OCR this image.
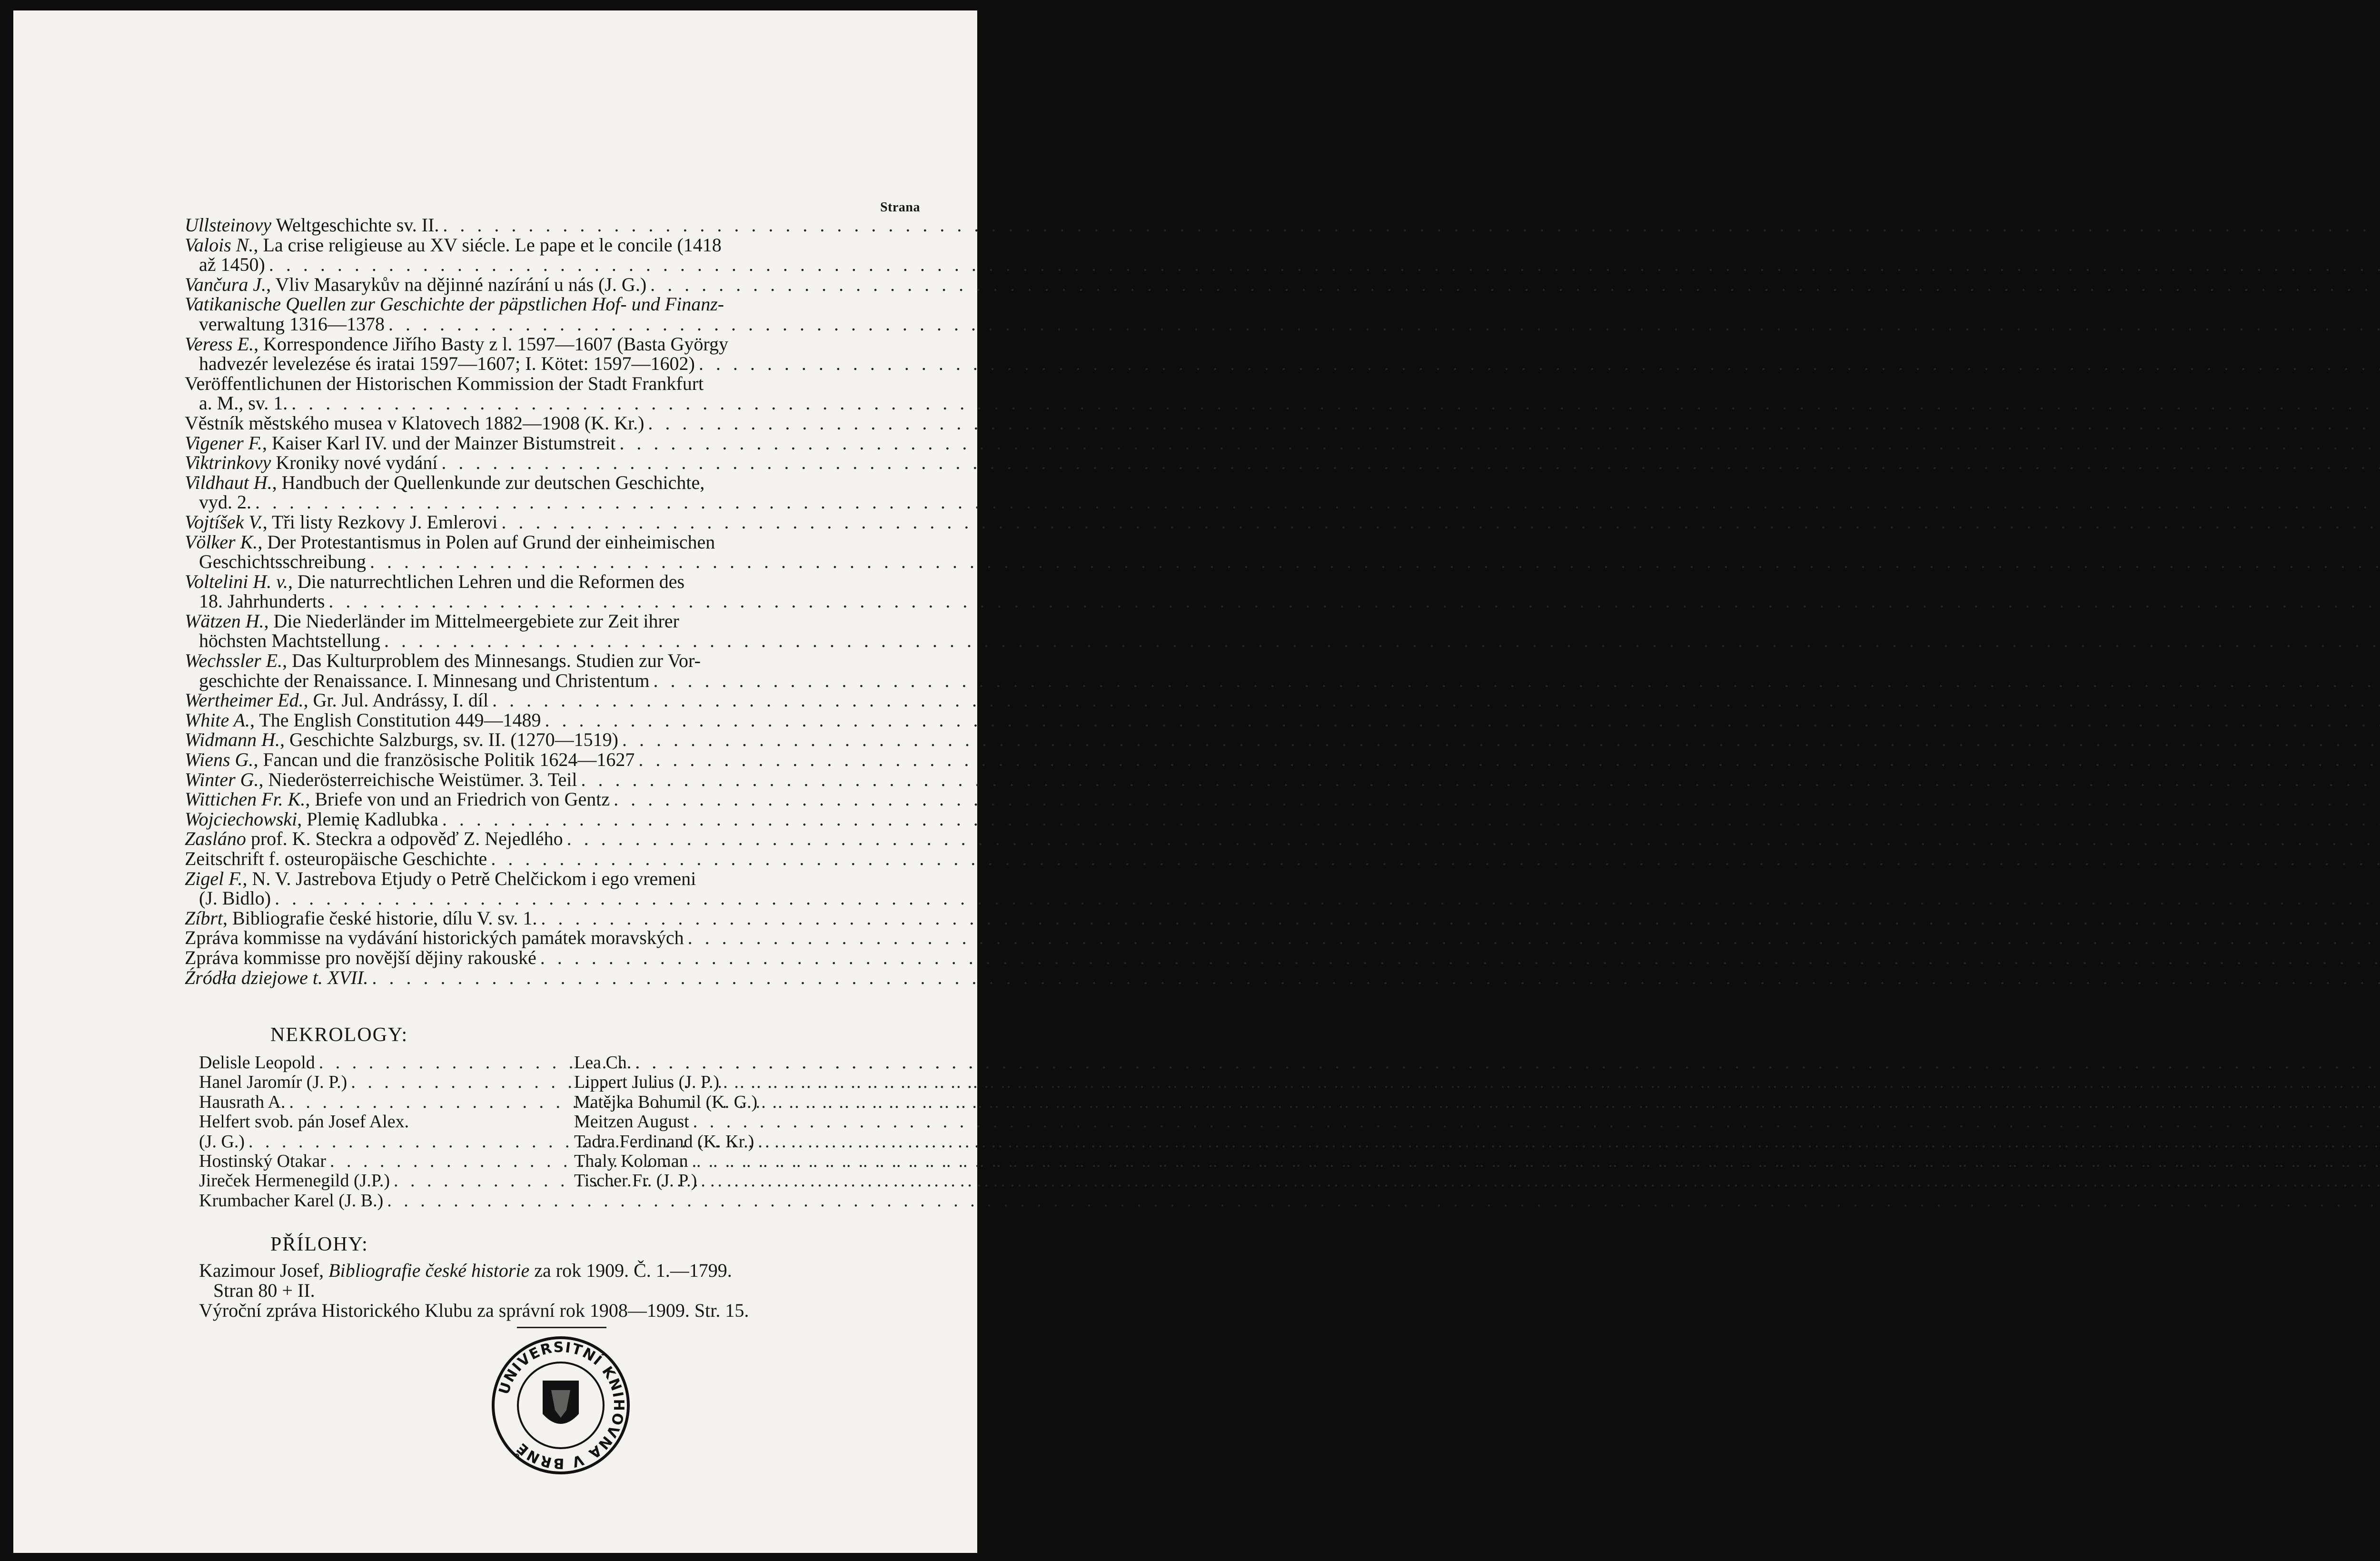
Strana
Ullsteinovy Weltgeschichte sv. II.
. . .
Valois N., La crise religieuse au XV siécle. Le pape et le concile (1418
až 1450)
. . .
Vančura J., Vliv Masarykův na dějinné nazírání u nás (J. G.)
. . .
Vatikanische Quellen zur Geschichte der päpstlichen Hof- und Finanz-
verwaltung 1316—1378
. . .
Veress E., Korrespondence Jiřího Basty z l. 1597—1607 (Basta György
hadvezér levelezése és iratai 1597—1607; I. Kötet: 1597—1602)
. . .
Veröffentlichunen der Historischen Kommission der Stadt Frankfurt
a. M., sv. 1.
. . .
Věstník městského musea v Klatovech 1882—1908 (K. Kr.)
. . .
Vigener F., Kaiser Karl IV. und der Mainzer Bistumstreit
. . .
Viktrinkovy Kroniky nové vydání
. . .
Vildhaut H., Handbuch der Quellenkunde zur deutschen Geschichte,
vyd. 2.
. . .
Vojtíšek V., Tři listy Rezkovy J. Emlerovi
. . .
Völker K., Der Protestantismus in Polen auf Grund der einheimischen
Geschichtsschreibung
. . .
Voltelini H. v., Die naturrechtlichen Lehren und die Reformen des
18. Jahrhunderts
. . .
Wätzen H., Die Niederländer im Mittelmeergebiete zur Zeit ihrer
höchsten Machtstellung
. . .
Wechssler E., Das Kulturproblem des Minnesangs. Studien zur Vor-
geschichte der Renaissance. I. Minnesang und Christentum
. . .
Wertheimer Ed., Gr. Jul. Andrássy, I. díl
. . .
White A., The English Constitution 449—1489
. . .
Widmann H., Geschichte Salzburgs, sv. II. (1270—1519)
. . .
Wiens G., Fancan und die französische Politik 1624—1627
. . .
Winter G., Niederösterreichische Weistümer. 3. Teil
. . .
Wittichen Fr. K., Briefe von und an Friedrich von Gentz
. . .
Wojciechowski, Plemię Kadlubka
. . .
Zasláno prof. K. Steckra a odpověď Z. Nejedlého
. . .
Zeitschrift f. osteuropäische Geschichte
. . .
Zigel F., N. V. Jastrebova Etjudy o Petrě Chelčickom i ego vremeni
(J. Bidlo)
. . .
Zíbrt, Bibliografie české historie, dílu V. sv. 1.
. . .
Zpráva kommisse na vydávání historických památek moravských
. . .
Zpráva kommisse pro novější dějiny rakouské
. . .
Źródła dziejowe t. XVII.
. . .
NEKROLOGY:
Delisle Leopold
. . .
Hanel Jaromír (J. P.)
. . .
Hausrath A.
. . .
Helfert svob. pán Josef Alex.
(J. G.)
. . .
Hostinský Otakar
. . .
Jireček Hermenegild (J.P.)
. . .
Krumbacher Karel (J. B.)
. . .
Lea Ch.
. . .
Lippert Julius (J. P.)
. . .
Matějka Bohumil (K. G.)
. . .
Meitzen August
. . .
Tadra Ferdinand (K. Kr.)
. . .
Thaly Koloman
. . .
Tischer Fr. (J. P.)
. . .
PŘÍLOHY:
Kazimour Josef, Bibliografie české historie za rok 1909. Č. 1.—1799.
Stran 80 + II.
Výroční zpráva Historického Klubu za správní rok 1908—1909. Str. 15.
UNIVERSITNÍ KNIHOVNA V BRNĚ
